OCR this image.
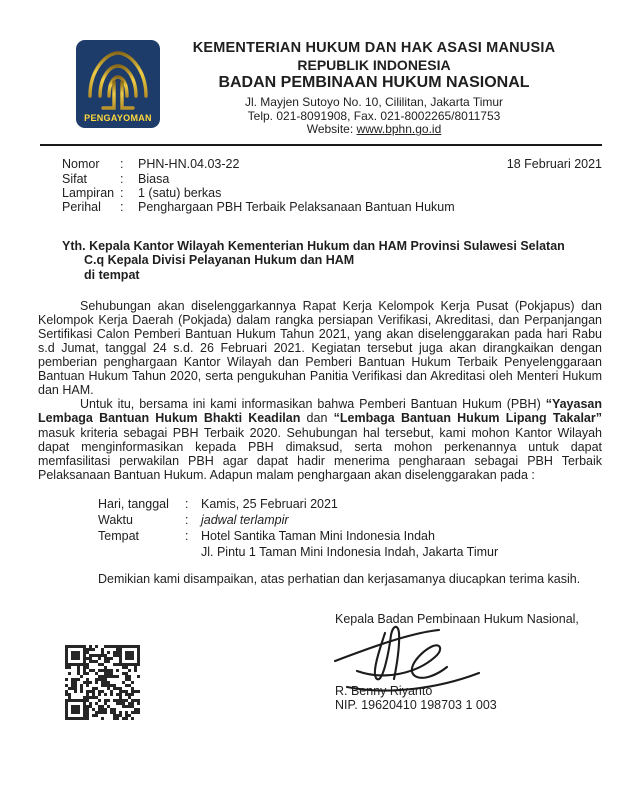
PENGAYOMAN
KEMENTERIAN HUKUM DAN HAK ASASI MANUSIA
REPUBLIK INDONESIA
BADAN PEMBINAAN HUKUM NASIONAL
Jl. Mayjen Sutoyo No. 10, Cililitan, Jakarta Timur
Telp. 021-8091908, Fax. 021-8002265/8011753
Website: www.bphn.go.id
Nomor	:	PHN-HN.04.03-22
Sifat	:	Biasa
Lampiran :	1 (satu) berkas
Perihal	:	Penghargaan PBH Terbaik Pelaksanaan Bantuan Hukum
18 Februari 2021
Yth. Kepala Kantor Wilayah Kementerian Hukum dan HAM Provinsi Sulawesi Selatan
C.q Kepala Divisi Pelayanan Hukum dan HAM
di tempat

Sehubungan akan diselenggarkannya Rapat Kerja Kelompok Kerja Pusat (Pokjapus) dan Kelompok Kerja Daerah (Pokjada) dalam rangka persiapan Verifikasi, Akreditasi, dan Perpanjangan Sertifikasi Calon Pemberi Bantuan Hukum Tahun 2021, yang akan diselenggarakan pada hari Rabu s.d Jumat, tanggal 24 s.d. 26 Februari 2021. Kegiatan tersebut juga akan dirangkaikan dengan pemberian penghargaan Kantor Wilayah dan Pemberi Bantuan Hukum Terbaik Penyelenggaraan Bantuan Hukum Tahun 2020, serta pengukuhan Panitia Verifikasi dan Akreditasi oleh Menteri Hukum dan HAM.

Untuk itu, bersama ini kami informasikan bahwa Pemberi Bantuan Hukum (PBH) “Yayasan Lembaga Bantuan Hukum Bhakti Keadilan dan “Lembaga Bantuan Hukum Lipang Takalar” masuk kriteria sebagai PBH Terbaik 2020. Sehubungan hal tersebut, kami mohon Kantor Wilayah dapat menginformasikan kepada PBH dimaksud, serta mohon perkenannya untuk dapat memfasilitasi perwakilan PBH agar dapat hadir menerima pengharaan sebagai PBH Terbaik Pelaksanaan Bantuan Hukum. Adapun malam penghargaan akan diselenggarakan pada :

Hari, tanggal	:	Kamis, 25 Februari 2021
Waktu	:	jadwal terlampir
Tempat	:	Hotel Santika Taman Mini Indonesia Indah
Jl. Pintu 1 Taman Mini Indonesia Indah, Jakarta Timur
Demikian kami disampaikan, atas perhatian dan kerjasamanya diucapkan terima kasih.
Kepala Badan Pembinaan Hukum Nasional,
R. Benny Riyanto
NIP. 19620410 198703 1 003
